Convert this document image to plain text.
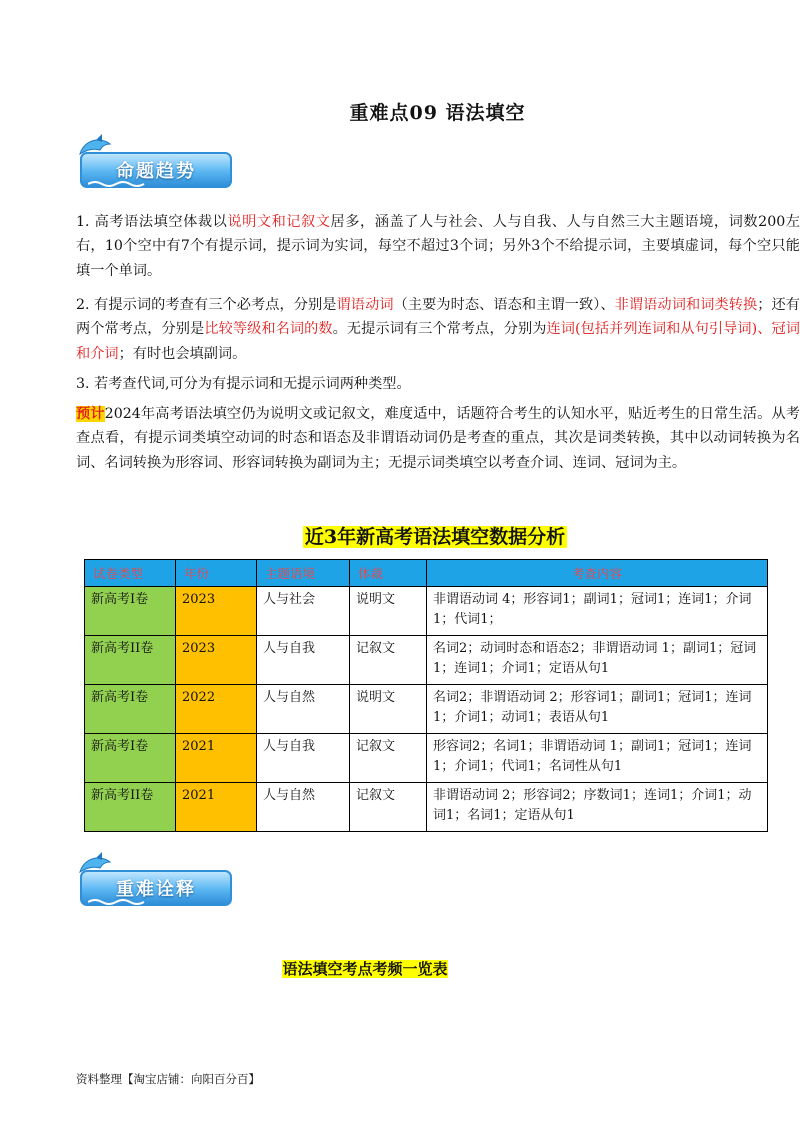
重难点09 语法填空
命题趋势
1. 高考语法填空体裁以说明文和记叙文居多，涵盖了人与社会、人与自我、人与自然三大主题语境，词数200左右，10个空中有7个有提示词，提示词为实词，每空不超过3个词；另外3个不给提示词，主要填虚词，每个空只能填一个单词。
2. 有提示词的考查有三个必考点，分别是谓语动词（主要为时态、语态和主谓一致）、非谓语动词和词类转换；还有两个常考点，分别是比较等级和名词的数。无提示词有三个常考点，分别为连词(包括并列连词和从句引导词)、冠词和介词；有时也会填副词。
3. 若考查代词,可分为有提示词和无提示词两种类型。
预计2024年高考语法填空仍为说明文或记叙文，难度适中，话题符合考生的认知水平，贴近考生的日常生活。从考查点看，有提示词类填空动词的时态和语态及非谓语动词仍是考查的重点，其次是词类转换，其中以动词转换为名词、名词转换为形容词、形容词转换为副词为主；无提示词类填空以考查介词、连词、冠词为主。
近3年新高考语法填空数据分析
试卷类型	年份	主题语境	体裁	考查内容
新高考I卷	2023	人与社会	说明文	非谓语动词 4；形容词1；副词1；冠词1；连词1；介词1；代词1；
新高考II卷	2023	人与自我	记叙文	名词2；动词时态和语态2；非谓语动词 1；副词1；冠词1；连词1；介词1；定语从句1
新高考I卷	2022	人与自然	说明文	名词2；非谓语动词 2；形容词1；副词1；冠词1；连词1；介词1；动词1；表语从句1
新高考I卷	2021	人与自我	记叙文	形容词2；名词1；非谓语动词 1；副词1；冠词1；连词1；介词1；代词1；名词性从句1
新高考II卷	2021	人与自然	记叙文	非谓语动词 2；形容词2；序数词1；连词1；介词1；动词1；名词1；定语从句1
重难诠释
语法填空考点考频一览表
资料整理【淘宝店铺：向阳百分百】
